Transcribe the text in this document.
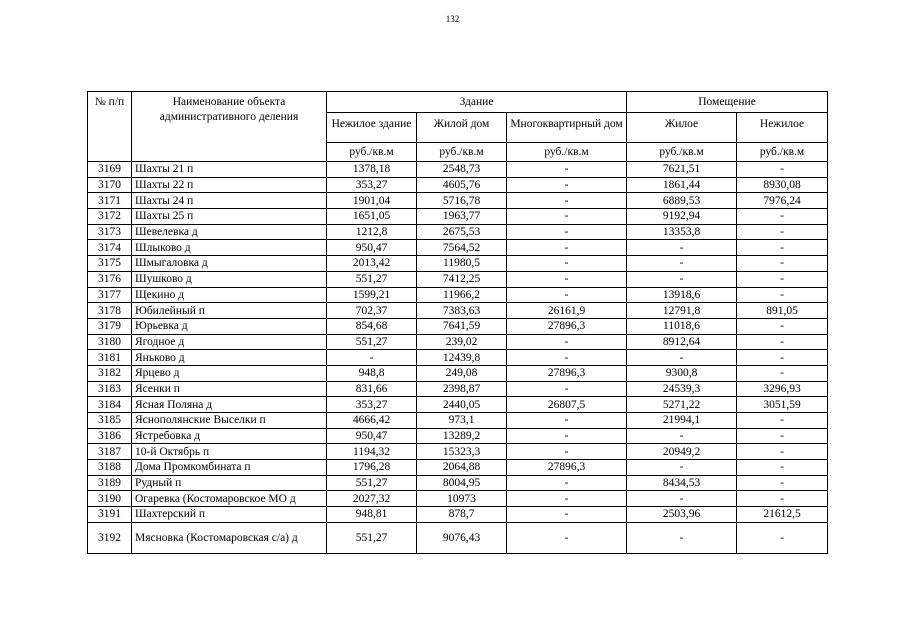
132
№ п/п	Наименование объекта административного деления	Здание			Помещение	
		Нежилое здание	Жилой дом	Многоквартирный дом	Жилое	Нежилое
		руб./кв.м	руб./кв.м	руб./кв.м	руб./кв.м	руб./кв.м
3169	Шахты 21 п	1378,18	2548,73	-	7621,51	-
3170	Шахты 22 п	353,27	4605,76	-	1861,44	8930,08
3171	Шахты 24 п	1901,04	5716,78	-	6889,53	7976,24
3172	Шахты 25 п	1651,05	1963,77	-	9192,94	-
3173	Шевелевка д	1212,8	2675,53	-	13353,8	-
3174	Шлыково д	950,47	7564,52	-	-	-
3175	Шмыгаловка д	2013,42	11980,5	-	-	-
3176	Шушково д	551,27	7412,25	-	-	-
3177	Щекино д	1599,21	11966,2	-	13918,6	-
3178	Юбилейный п	702,37	7383,63	26161,9	12791,8	891,05
3179	Юрьевка д	854,68	7641,59	27896,3	11018,6	-
3180	Ягодное д	551,27	239,02	-	8912,64	-
3181	Яньково д	-	12439,8	-	-	-
3182	Ярцево д	948,8	249,08	27896,3	9300,8	-
3183	Ясенки п	831,66	2398,87	-	24539,3	3296,93
3184	Ясная Поляна д	353,27	2440,05	26807,5	5271,22	3051,59
3185	Яснополянские Выселки п	4666,42	973,1	-	21994,1	-
3186	Ястребовка д	950,47	13289,2	-	-	-
3187	10-й Октябрь п	1194,32	15323,3	-	20949,2	-
3188	Дома Промкомбината п	1796,28	2064,88	27896,3	-	-
3189	Рудный п	551,27	8004,95	-	8434,53	-
3190	Огаревка (Костомаровское МО д	2027,32	10973	-	-	-
3191	Шахтерский п	948,81	878,7	-	2503,96	21612,5
3192	Мясновка (Костомаровская с/а) д	551,27	9076,43	-	-	-
